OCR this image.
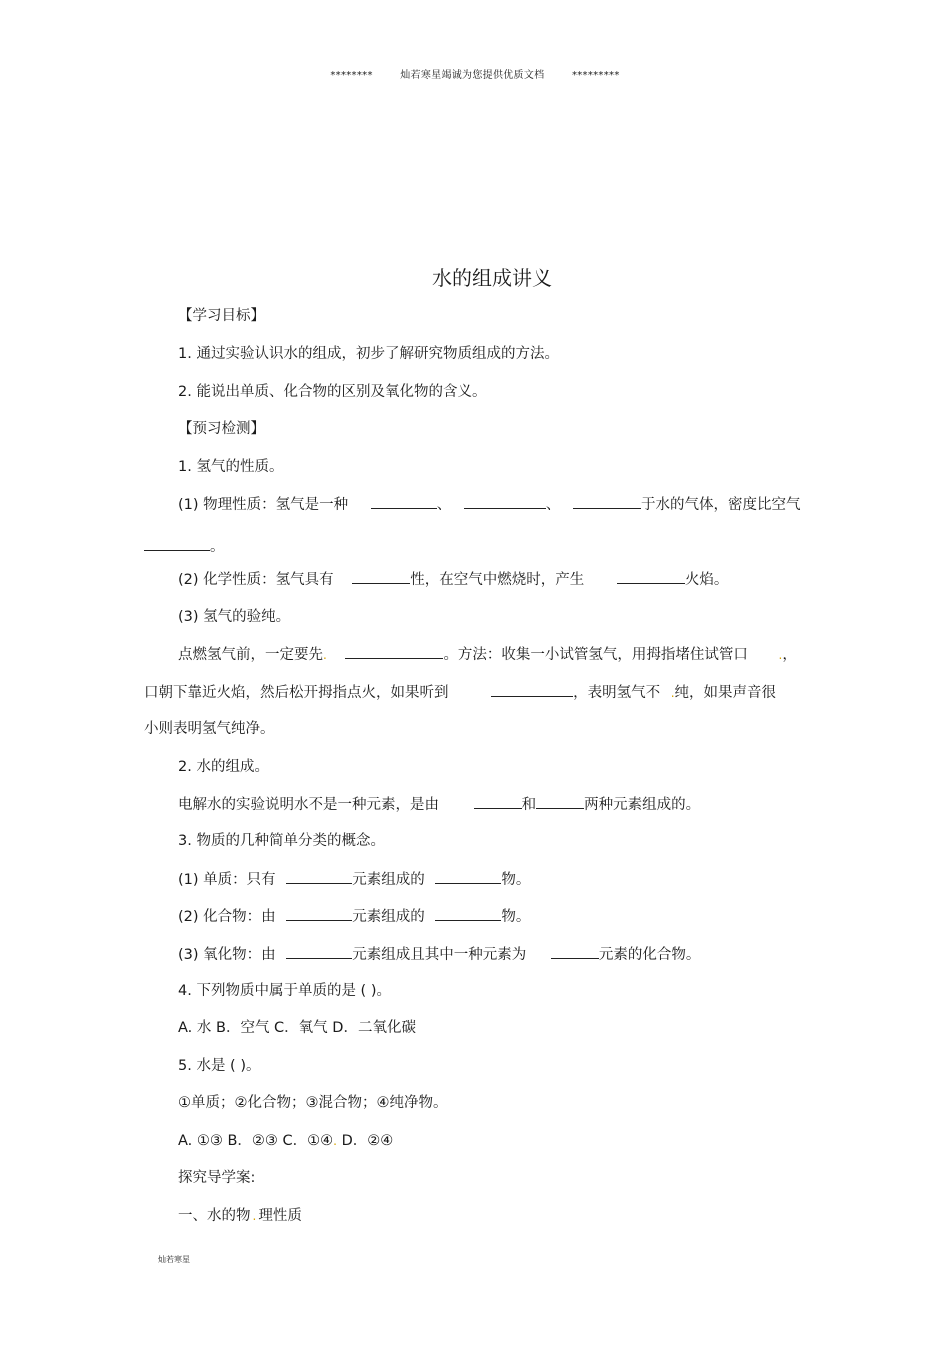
********	灿若寒星竭诚为您提供优质文档	*********
水的组成讲义
【学习目标】
1. 通过实验认识水的组成，初步了解研究物质组成的方法。
2. 能说出单质、化合物的区别及氧化物的含义。
【预习检测】
1. 氢气的性质。
(1) 物理性质：氢气是一种	、	、	于水的气体，密度比空气
。
(2) 化学性质：氢气具有	性，在空气中燃烧时，产生	火焰。
(3) 氢气的验纯。
点燃氢气前，一定要先.	。方法：收集一小试管氢气，用拇指堵住试管口	.，
口朝下靠近火焰，然后松开拇指点火，如果听到	，表明氢气不 .纯，如果声音很
小则表明氢气纯净。
2. 水的组成。
电解水的实验说明水不是一种元素，是由	和	两种元素组成的。
3. 物质的几种简单分类的概念。
(1) 单质：只有	元素组成的	物。
(2) 化合物：由	元素组成的	物。
(3) 氧化物：由	元素组成且其中一种元素为	元素的化合物。
4. 下列物质中属于单质的是 ( )。
A. 水 B．空气 C．氧气 D．二氧化碳
5. 水是 ( )。
①单质；②化合物；③混合物；④纯净物。
A. ①③ B．②③ C．①④. D．②④
探究导学案:
一、水的物 . 理性质
灿若寒星
